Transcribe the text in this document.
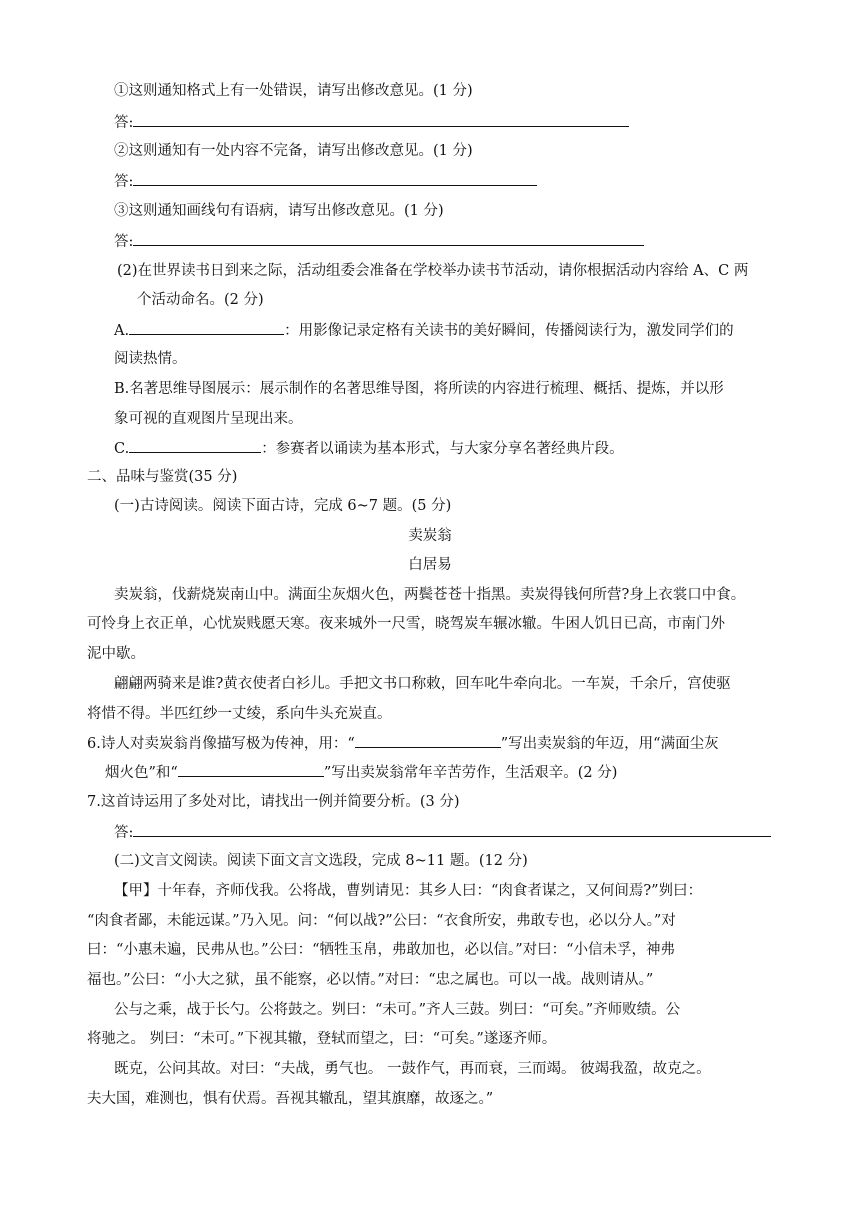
①这则通知格式上有一处错误，请写出修改意见。(1 分)
答:
②这则通知有一处内容不完备，请写出修改意见。(1 分)
答:
③这则通知画线句有语病，请写出修改意见。(1 分)
答:
(2)在世界读书日到来之际，活动组委会准备在学校举办读书节活动，请你根据活动内容给 A、C 两
个活动命名。(2 分)
A.	：用影像记录定格有关读书的美好瞬间，传播阅读行为，激发同学们的
阅读热情。
B.名著思维导图展示：展示制作的名著思维导图，将所读的内容进行梳理、概括、提炼，并以形
象可视的直观图片呈现出来。
C.	：参赛者以诵读为基本形式，与大家分享名著经典片段。
二、品味与鉴赏(35 分)
(一)古诗阅读。阅读下面古诗，完成 6~7 题。(5 分)
卖炭翁
白居易
卖炭翁，伐薪烧炭南山中。满面尘灰烟火色，两鬓苍苍十指黑。卖炭得钱何所营?身上衣裳口中食。
可怜身上衣正单，心忧炭贱愿天寒。夜来城外一尺雪，晓驾炭车辗冰辙。牛困人饥日已高，市南门外
泥中歇。
翩翩两骑来是谁?黄衣使者白衫儿。手把文书口称敕，回车叱牛牵向北。一车炭，千余斤，宫使驱
将惜不得。半匹红纱一丈绫，系向牛头充炭直。
6.诗人对卖炭翁肖像描写极为传神，用：“	”写出卖炭翁的年迈，用“满面尘灰
烟火色”和“	”写出卖炭翁常年辛苦劳作，生活艰辛。(2 分)
7.这首诗运用了多处对比，请找出一例并简要分析。(3 分)
答:
(二)文言文阅读。阅读下面文言文选段，完成 8~11 题。(12 分)
【甲】十年春，齐师伐我。公将战，曹刿请见：其乡人曰：“肉食者谋之，又何间焉?”刿曰：
“肉食者鄙，未能远谋。”乃入见。问：“何以战?”公曰：“衣食所安，弗敢专也，必以分人。”对
曰：“小惠未遍，民弗从也。”公曰：“牺牲玉帛，弗敢加也，必以信。”对曰：“小信未孚，神弗
福也。”公曰：“小大之狱，虽不能察，必以情。”对曰：“忠之属也。可以一战。战则请从。”
公与之乘，战于长勺。公将鼓之。刿曰：“未可。”齐人三鼓。刿曰：“可矣。”齐师败绩。公
将驰之。 刿曰：“未可。”下视其辙，登轼而望之，曰：“可矣。”遂逐齐师。
既克，公问其故。对曰：“夫战，勇气也。 一鼓作气，再而衰，三而竭。 彼竭我盈，故克之。
夫大国，难测也，惧有伏焉。吾视其辙乱，望其旗靡，故逐之。”
